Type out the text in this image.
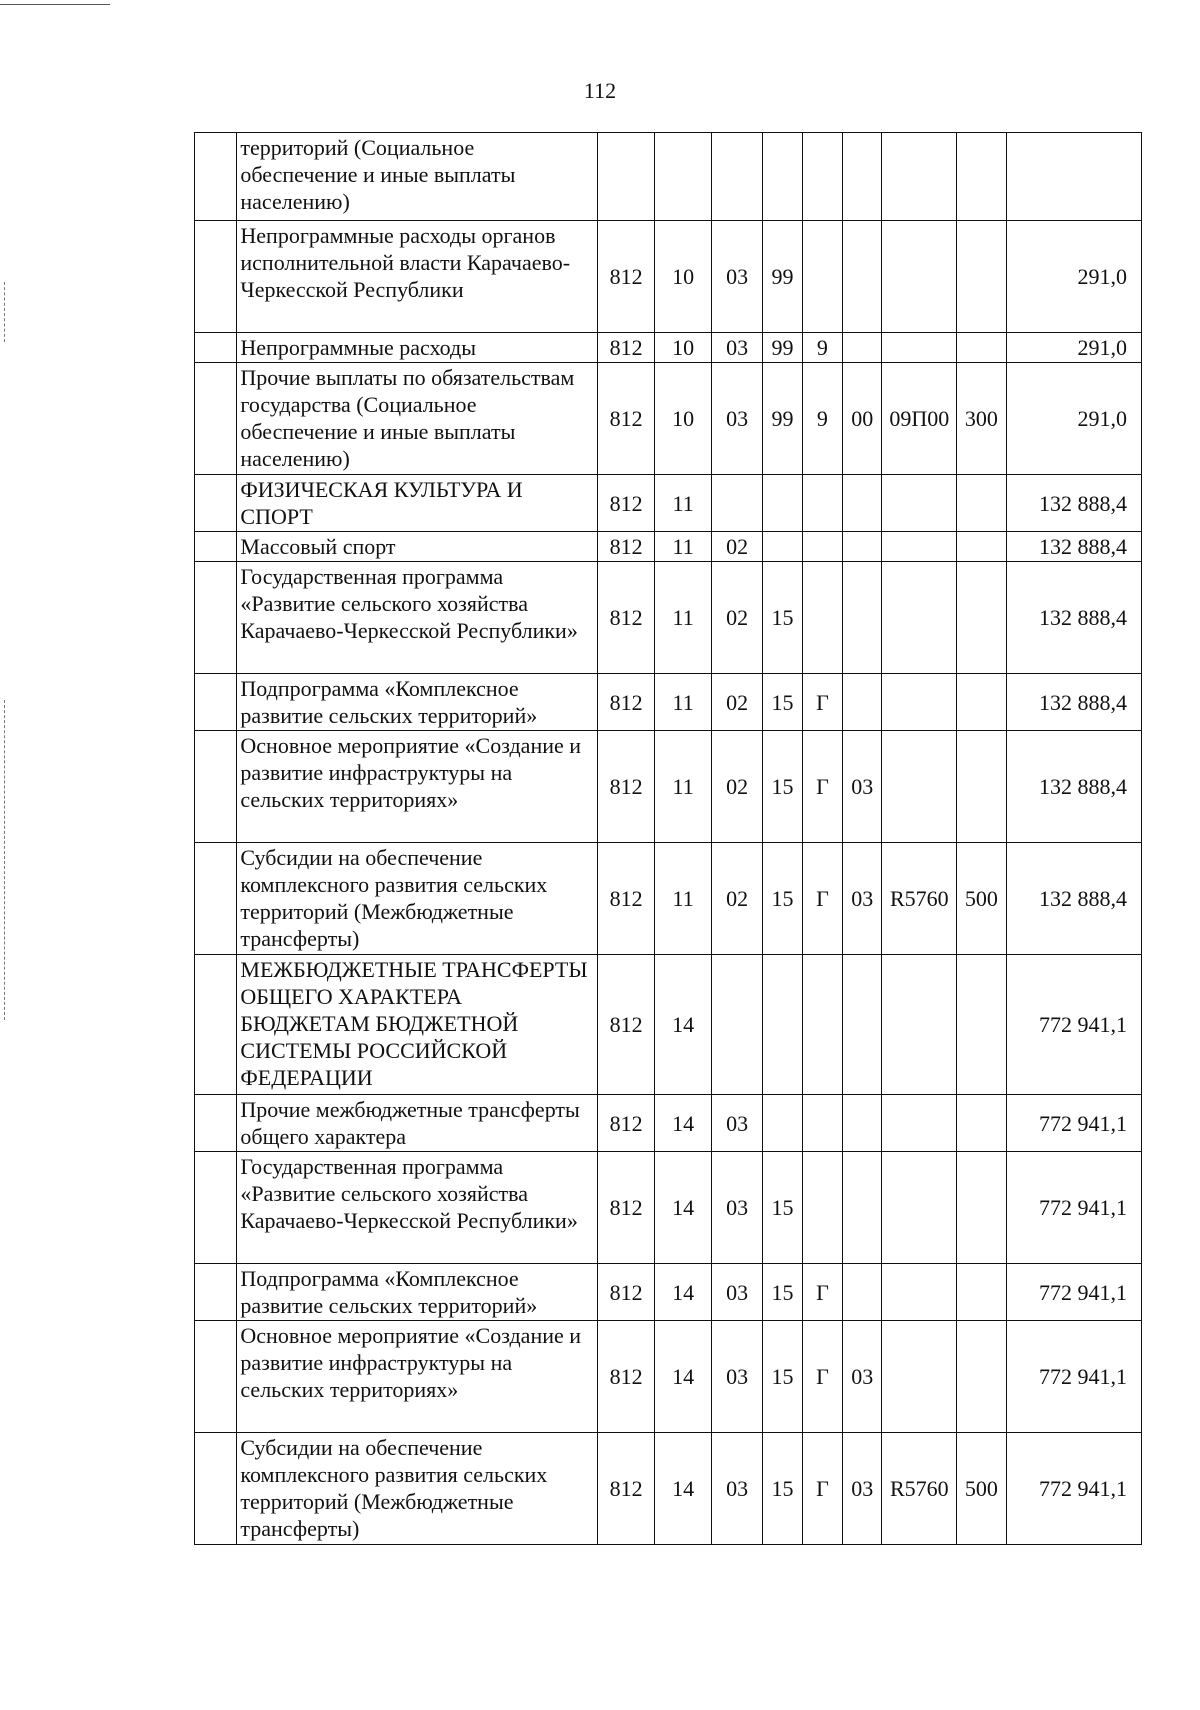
112
	территорий (Социальное обеспечение и иные выплаты населению)									
	Непрограммные расходы органов исполнительной власти Карачаево-Черкесской Республики	812	10	03	99					291,0
	Непрограммные расходы	812	10	03	99	9				291,0
	Прочие выплаты по обязательствам государства (Социальное обеспечение и иные выплаты населению)	812	10	03	99	9	00	09П00	300	291,0
	ФИЗИЧЕСКАЯ КУЛЬТУРА И СПОРТ	812	11							132 888,4
	Массовый спорт	812	11	02						132 888,4
	Государственная программа «Развитие сельского хозяйства Карачаево-Черкесской Республики»	812	11	02	15					132 888,4
	Подпрограмма «Комплексное развитие сельских территорий»	812	11	02	15	Г				132 888,4
	Основное мероприятие «Создание и развитие инфраструктуры на сельских территориях»	812	11	02	15	Г	03			132 888,4
	Субсидии на обеспечение комплексного развития сельских территорий (Межбюджетные трансферты)	812	11	02	15	Г	03	R5760	500	132 888,4
	МЕЖБЮДЖЕТНЫЕ ТРАНСФЕРТЫ ОБЩЕГО ХАРАКТЕРА БЮДЖЕТАМ БЮДЖЕТНОЙ СИСТЕМЫ РОССИЙСКОЙ ФЕДЕРАЦИИ	812	14							772 941,1
	Прочие межбюджетные трансферты общего характера	812	14	03						772 941,1
	Государственная программа «Развитие сельского хозяйства Карачаево-Черкесской Республики»	812	14	03	15					772 941,1
	Подпрограмма «Комплексное развитие сельских территорий»	812	14	03	15	Г				772 941,1
	Основное мероприятие «Создание и развитие инфраструктуры на сельских территориях»	812	14	03	15	Г	03			772 941,1
	Субсидии на обеспечение комплексного развития сельских территорий (Межбюджетные трансферты)	812	14	03	15	Г	03	R5760	500	772 941,1
